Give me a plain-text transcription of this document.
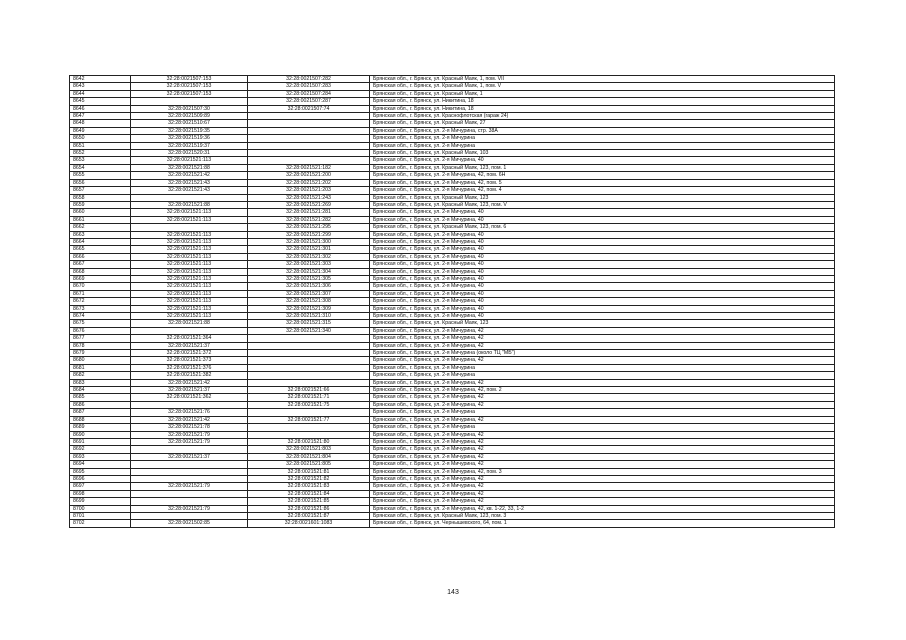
8642	32:28:0021507:153	32:28:0021507:282	Брянская обл., г. Брянск, ул. Красный Маяк, 1, пом. VII
8643	32:28:0021507:153	32:28:0021507:283	Брянская обл., г. Брянск, ул. Красный Маяк, 1, пом. V
8644	32:28:0021507:153	32:28:0021507:284	Брянская обл., г. Брянск, ул. Красный Маяк, 1
8645		32:28:0021507:287	Брянская обл., г. Брянск, ул. Никитина, 18
8646	32:28:0021507:30	32:28:0021507:74	Брянская обл., г. Брянск, ул. Никитина, 18
8647	32:28:0021509:89		Брянская обл., г. Брянск, ул. Краснофлотская (гараж 24)
8648	32:28:0021510:67		Брянская обл., г. Брянск, ул. Красный Маяк, 27
8649	32:28:0021519:35		Брянская обл., г. Брянск, ул. 2-я Мичурина, стр. 38А
8650	32:28:0021519:36		Брянская обл., г. Брянск, ул. 2-я Мичурина
8651	32:28:0021519:37		Брянская обл., г. Брянск, ул. 2-я Мичурина
8652	32:28:0021520:31		Брянская обл., г. Брянск, ул. Красный Маяк, 103
8653	32:28:0021521:113		Брянская обл., г. Брянск, ул. 2-я Мичурина, 40
8654	32:28:0021521:88	32:28:0021521:182	Брянская обл., г. Брянск, ул. Красный Маяк, 123, пом. 1
8655	32:28:0021521:42	32:28:0021521:200	Брянская обл., г. Брянск, ул. 2-я Мичурина, 42, пом. 6Н
8656	32:28:0021521:43	32:28:0021521:202	Брянская обл., г. Брянск, ул. 2-я Мичурина, 42, пом. 5
8657	32:28:0021521:43	32:28:0021521:203	Брянская обл., г. Брянск, ул. 2-я Мичурина, 42, пом. 4
8658		32:28:0021521:243	Брянская обл., г. Брянск, ул. Красный Маяк, 123
8659	32:28:0021521:88	32:28:0021521:269	Брянская обл., г. Брянск, ул. Красный Маяк, 123, пом. V
8660	32:28:0021521:113	32:28:0021521:281	Брянская обл., г. Брянск, ул. 2-я Мичурина, 40
8661	32:28:0021521:113	32:28:0021521:282	Брянская обл., г. Брянск, ул. 2-я Мичурина, 40
8662		32:28:0021521:295	Брянская обл., г. Брянск, ул. Красный Маяк, 123, пом. 6
8663	32:28:0021521:113	32:28:0021521:299	Брянская обл., г. Брянск, ул. 2-я Мичурина, 40
8664	32:28:0021521:113	32:28:0021521:300	Брянская обл., г. Брянск, ул. 2-я Мичурина, 40
8665	32:28:0021521:113	32:28:0021521:301	Брянская обл., г. Брянск, ул. 2-я Мичурина, 40
8666	32:28:0021521:113	32:28:0021521:302	Брянская обл., г. Брянск, ул. 2-я Мичурина, 40
8667	32:28:0021521:113	32:28:0021521:303	Брянская обл., г. Брянск, ул. 2-я Мичурина, 40
8668	32:28:0021521:113	32:28:0021521:304	Брянская обл., г. Брянск, ул. 2-я Мичурина, 40
8669	32:28:0021521:113	32:28:0021521:305	Брянская обл., г. Брянск, ул. 2-я Мичурина, 40
8670	32:28:0021521:113	32:28:0021521:306	Брянская обл., г. Брянск, ул. 2-я Мичурина, 40
8671	32:28:0021521:113	32:28:0021521:307	Брянская обл., г. Брянск, ул. 2-я Мичурина, 40
8672	32:28:0021521:113	32:28:0021521:308	Брянская обл., г. Брянск, ул. 2-я Мичурина, 40
8673	32:28:0021521:113	32:28:0021521:309	Брянская обл., г. Брянск, ул. 2-я Мичурина, 40
8674	32:28:0021521:113	32:28:0021521:310	Брянская обл., г. Брянск, ул. 2-я Мичурина, 40
8675	32:28:0021521:88	32:28:0021521:315	Брянская обл., г. Брянск, ул. Красный Маяк, 123
8676		32:28:0021521:340	Брянская обл., г. Брянск, ул. 2-я Мичурина, 42
8677	32:28:0021521:364		Брянская обл., г. Брянск, ул. 2-я Мичурина, 42
8678	32:28:0021521:37		Брянская обл., г. Брянск, ул. 2-я Мичурина, 42
8679	32:28:0021521:372		Брянская обл., г. Брянск, ул. 2-я Мичурина (около ТЦ "МБ")
8680	32:28:0021521:373		Брянская обл., г. Брянск, ул. 2-я Мичурина, 42
8681	32:28:0021521:376		Брянская обл., г. Брянск, ул. 2-я Мичурина
8682	32:28:0021521:382		Брянская обл., г. Брянск, ул. 2-я Мичурина
8683	32:28:0021521:42		Брянская обл., г. Брянск, ул. 2-я Мичурина, 42
8684	32:28:0021521:37	32:28:0021521:66	Брянская обл., г. Брянск, ул. 2-я Мичурина, 42, пом. 2
8685	32:28:0021521:362	32:28:0021521:71	Брянская обл., г. Брянск, ул. 2-я Мичурина, 42
8686		32:28:0021521:75	Брянская обл., г. Брянск, ул. 2-я Мичурина, 42
8687	32:28:0021521:76		Брянская обл., г. Брянск, ул. 2-я Мичурина
8688	32:28:0021521:42	32:28:0021521:77	Брянская обл., г. Брянск, ул. 2-я Мичурина, 42
8689	32:28:0021521:78		Брянская обл., г. Брянск, ул. 2-я Мичурина
8690	32:28:0021521:79		Брянская обл., г. Брянск, ул. 2-я Мичурина, 42
8691	32:28:0021521:79	32:28:0021521:80	Брянская обл., г. Брянск, ул. 2-я Мичурина, 42
8692		32:28:0021521:803	Брянская обл., г. Брянск, ул. 2-я Мичурина, 42
8693	32:28:0021521:37	32:28:0021521:804	Брянская обл., г. Брянск, ул. 2-я Мичурина, 42
8694		32:28:0021521:805	Брянская обл., г. Брянск, ул. 2-я Мичурина, 42
8695		32:28:0021521:81	Брянская обл., г. Брянск, ул. 2-я Мичурина, 42, пом. 3
8696		32:28:0021521:82	Брянская обл., г. Брянск, ул. 2-я Мичурина, 42
8697	32:28:0021521:79	32:28:0021521:83	Брянская обл., г. Брянск, ул. 2-я Мичурина, 42
8698		32:28:0021521:84	Брянская обл., г. Брянск, ул. 2-я Мичурина, 42
8699		32:28:0021521:85	Брянская обл., г. Брянск, ул. 2-я Мичурина, 42
8700	32:28:0021521:79	32:28:0021521:86	Брянская обл., г. Брянск, ул. 2-я Мичурина, 42, кв. 1-22, 33, 1-2
8701		32:28:0021521:87	Брянская обл., г. Брянск, ул. Красный Маяк, 123, пом. 3
8702	32:28:0021502:85	32:28:0021601:1083	Брянская обл., г. Брянск, ул. Чернышевского, 64, пом. 1
143
